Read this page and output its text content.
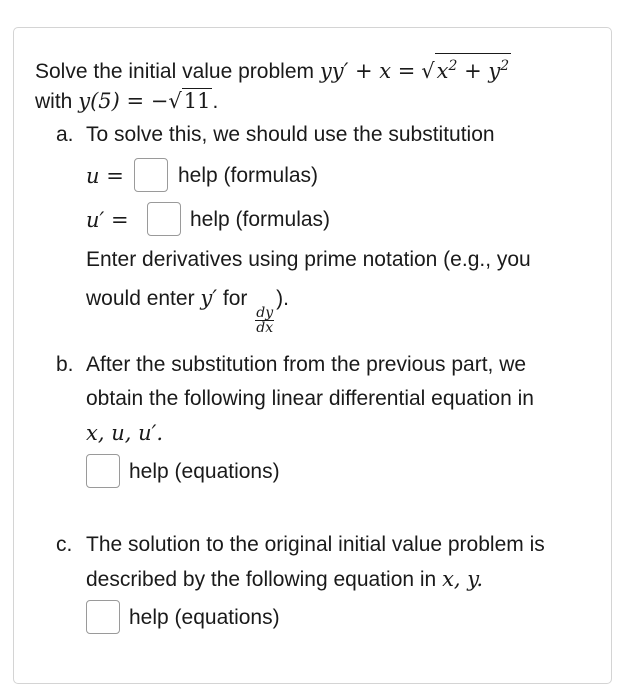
Solve the initial value problem $yy' + x = √x^2 + y^2$
with y(5) = −√11.
a. To solve this, we should use the substitution
u =	help (formulas)
u′ =	help (formulas)
Enter derivatives using prime notation (e.g., you
would enter y′ for
$\frac{dy}{dx}$
).
b. After the substitution from the previous part, we
obtain the following linear differential equation in
x, u, u′.
help (equations)
c. The solution to the original initial value problem is
described by the following equation in x, y.
help (equations)
